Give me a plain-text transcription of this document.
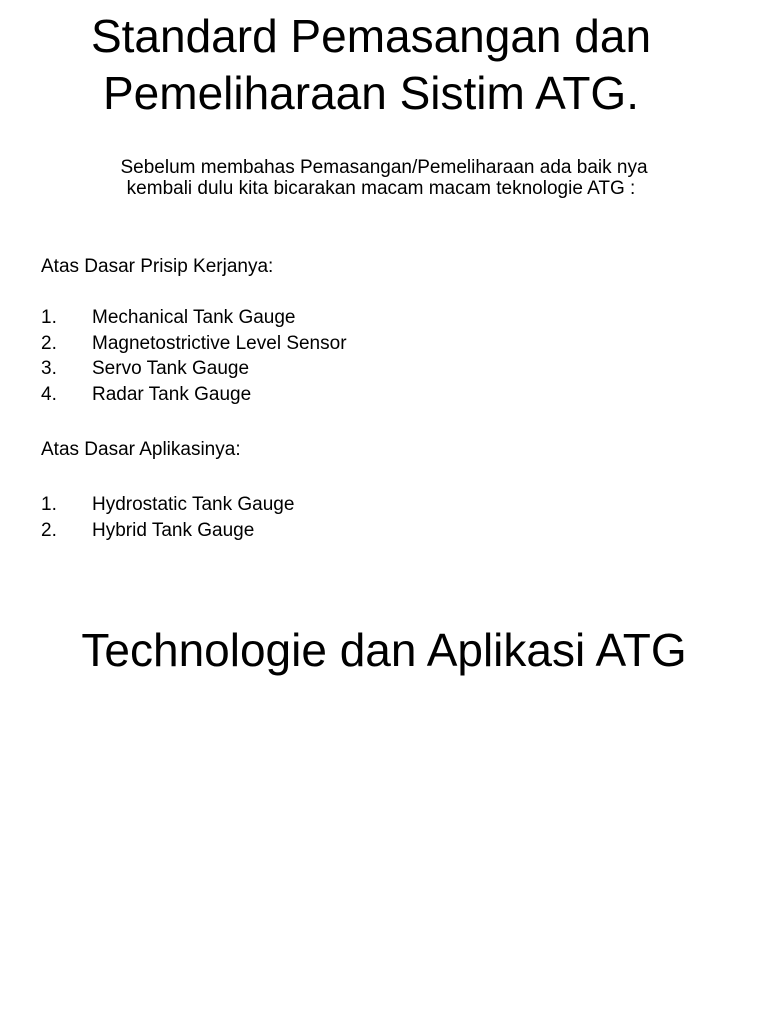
Standard Pemasangan dan
Pemeliharaan Sistim ATG.

Sebelum membahas Pemasangan/Pemeliharaan ada baik nya
kembali dulu kita bicarakan macam macam teknologie ATG :

Atas Dasar Prisip Kerjanya:
1.	Mechanical Tank Gauge
2.	Magnetostrictive Level Sensor
3.	Servo Tank Gauge
4.	Radar Tank Gauge
Atas Dasar Aplikasinya:
1.	Hydrostatic Tank Gauge
2.	Hybrid Tank Gauge
Technologie dan Aplikasi ATG
